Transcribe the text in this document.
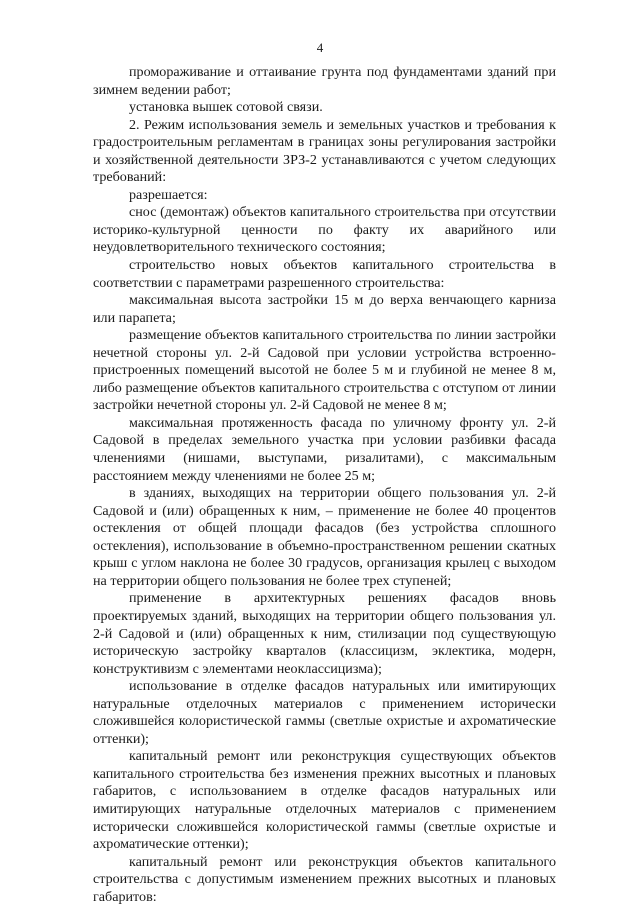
4

промораживание и оттаивание грунта под фундаментами зданий при зимнем ведении работ;

установка вышек сотовой связи.

2. Режим использования земель и земельных участков и требования к градостроительным регламентам в границах зоны регулирования застройки и хозяйственной деятельности ЗРЗ-2 устанавливаются с учетом следующих требований:

разрешается:

снос (демонтаж) объектов капитального строительства при отсутствии историко-культурной ценности по факту их аварийного или неудовлетворительного технического состояния;

строительство новых объектов капитального строительства в соответствии с параметрами разрешенного строительства:

максимальная высота застройки 15 м до верха венчающего карниза или парапета;

размещение объектов капитального строительства по линии застройки нечетной стороны ул. 2-й Садовой при условии устройства встроенно-пристроенных помещений высотой не более 5 м и глубиной не менее 8 м, либо размещение объектов капитального строительства с отступом от линии застройки нечетной стороны ул. 2-й Садовой не менее 8 м;

максимальная протяженность фасада по уличному фронту ул. 2-й Садовой в пределах земельного участка при условии разбивки фасада членениями (нишами, выступами, ризалитами), с максимальным расстоянием между членениями не более 25 м;

в зданиях, выходящих на территории общего пользования ул. 2-й Садовой и (или) обращенных к ним, – применение не более 40 процентов остекления от общей площади фасадов (без устройства сплошного остекления), использование в объемно-пространственном решении скатных крыш с углом наклона не более 30 градусов, организация крылец с выходом на территории общего пользования не более трех ступеней;

применение в архитектурных решениях фасадов вновь проектируемых зданий, выходящих на территории общего пользования ул. 2-й Садовой и (или) обращенных к ним, стилизации под существующую историческую застройку кварталов (классицизм, эклектика, модерн, конструктивизм с элементами неоклассицизма);

использование в отделке фасадов натуральных или имитирующих натуральные отделочных материалов с применением исторически сложившейся колористической гаммы (светлые охристые и ахроматические оттенки);

капитальный ремонт или реконструкция существующих объектов капитального строительства без изменения прежних высотных и плановых габаритов, с использованием в отделке фасадов натуральных или имитирующих натуральные отделочных материалов с применением исторически сложившейся колористической гаммы (светлые охристые и ахроматические оттенки);

капитальный ремонт или реконструкция объектов капитального строительства с допустимым изменением прежних высотных и плановых габаритов:
